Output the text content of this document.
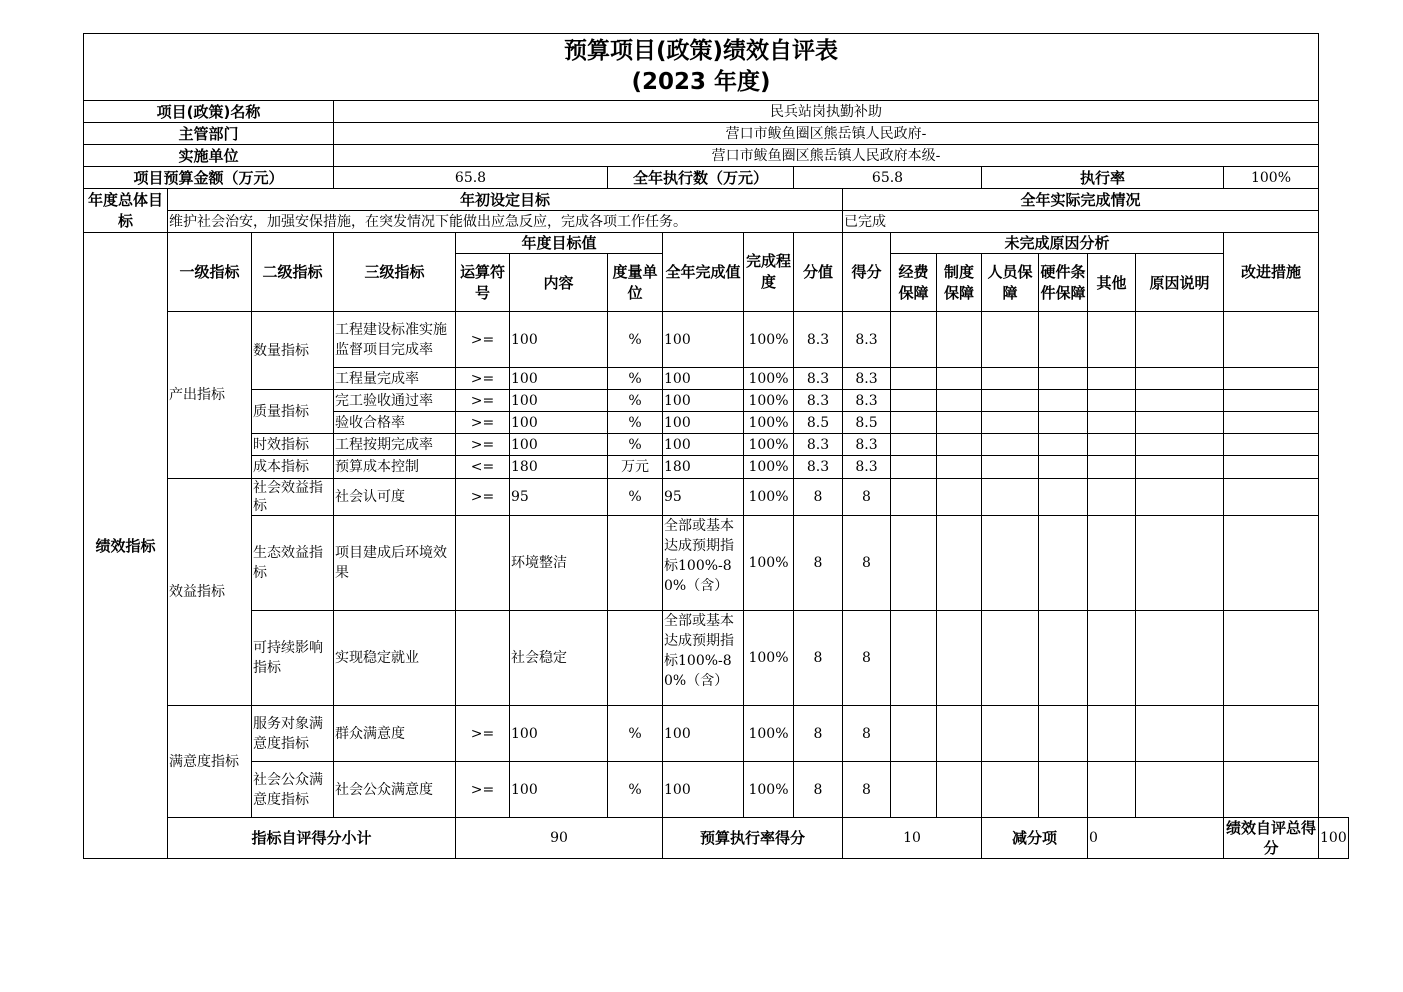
预算项目(政策)绩效自评表
(2023 年度)																		

项目(政策)名称			民兵站岗执勤补助															
主管部门			营口市鲅鱼圈区熊岳镇人民政府-															
实施单位			营口市鲅鱼圈区熊岳镇人民政府本级-															
项目预算金额（万元）			65.8			全年执行数（万元）			65.8				执行率				100%	
年度总体目标	年初设定目标									全年实际完成情况								
	维护社会治安，加强安保措施，在突发情况下能做出应急反应，完成各项工作任务。									已完成								
绩效指标	一级指标	二级指标	三级指标	年度目标值			全年完成值	完成程度	分值	得分	未完成原因分析						改进措施	
				运算符号	内容	度量单位					经费保障	制度保障	人员保障	硬件条件保障	其他	原因说明		
	产出指标	数量指标	工程建设标准实施监督项目完成率	>=	100	%	100	100%	8.3	8.3								
			工程量完成率	>=	100	%	100	100%	8.3	8.3								
		质量指标	完工验收通过率	>=	100	%	100	100%	8.3	8.3								
			验收合格率	>=	100	%	100	100%	8.5	8.5								
		时效指标	工程按期完成率	>=	100	%	100	100%	8.3	8.3								
		成本指标	预算成本控制	<=	180	万元	180	100%	8.3	8.3								
	效益指标	社会效益指标	社会认可度	>=	95	%	95	100%	8	8								
		生态效益指标	项目建成后环境效果		环境整洁		全部或基本达成预期指标100%-80%（含）	100%	8	8								
		可持续影响指标	实现稳定就业		社会稳定		全部或基本达成预期指标100%-80%（含）	100%	8	8								
	满意度指标	服务对象满意度指标	群众满意度	>=	100	%	100	100%	8	8								
		社会公众满意度指标	社会公众满意度	>=	100	%	100	100%	8	8								
	指标自评得分小计			90			预算执行率得分			10			减分项		0		绩效自评总得分	100
